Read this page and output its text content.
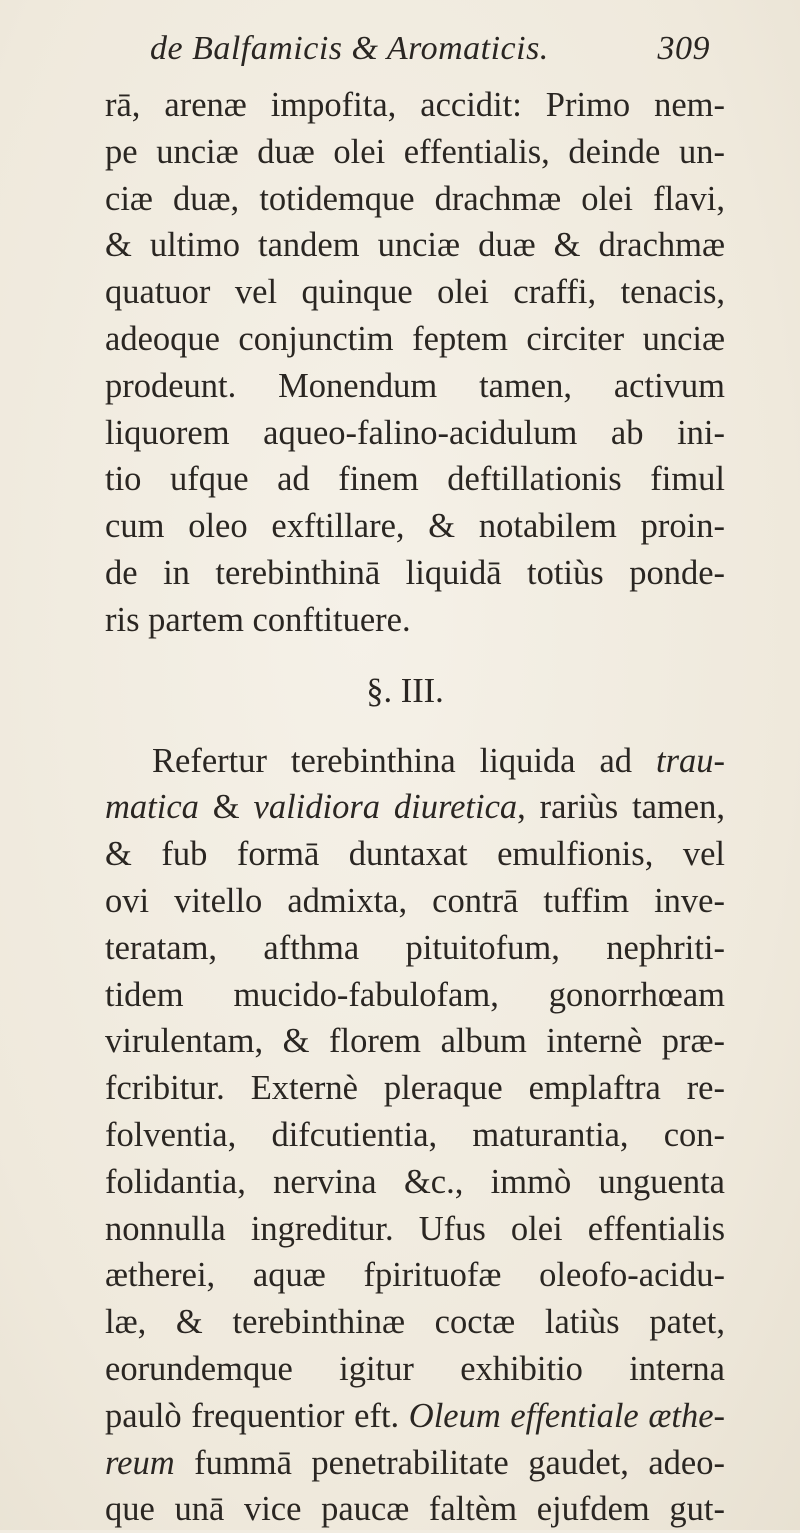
de Balfamicis & Aromaticis.	309
rā, arenæ impofita, accidit: Primo nem-
pe unciæ duæ olei effentialis, deinde un-
ciæ duæ, totidemque drachmæ olei flavi,
& ultimo tandem unciæ duæ & drachmæ
quatuor vel quinque olei craffi, tenacis,
adeoque conjunctim feptem circiter unciæ
prodeunt. Monendum tamen, activum
liquorem aqueo-falino-acidulum ab ini-
tio ufque ad finem deftillationis fimul
cum oleo exftillare, & notabilem proin-
de in terebinthinā liquidā totiùs ponde-
ris partem conftituere.
§. III.
Refertur terebinthina liquida ad trau-
matica & validiora diuretica, rariùs tamen,
& fub formā duntaxat emulfionis, vel
ovi vitello admixta, contrā tuffim inve-
teratam, afthma pituitofum, nephriti-
tidem mucido-fabulofam, gonorrhœam
virulentam, & florem album internè præ-
fcribitur. Externè pleraque emplaftra re-
folventia, difcutientia, maturantia, con-
folidantia, nervina &c., immò unguenta
nonnulla ingreditur. Ufus olei effentialis
ætherei, aquæ fpirituofæ oleofo-acidu-
læ, & terebinthinæ coctæ latiùs patet,
eorundemque igitur exhibitio interna
paulò frequentior eft. Oleum effentiale æthe-
reum fummā penetrabilitate gaudet, adeo-
que unā vice paucæ faltèm ejufdem gut-
